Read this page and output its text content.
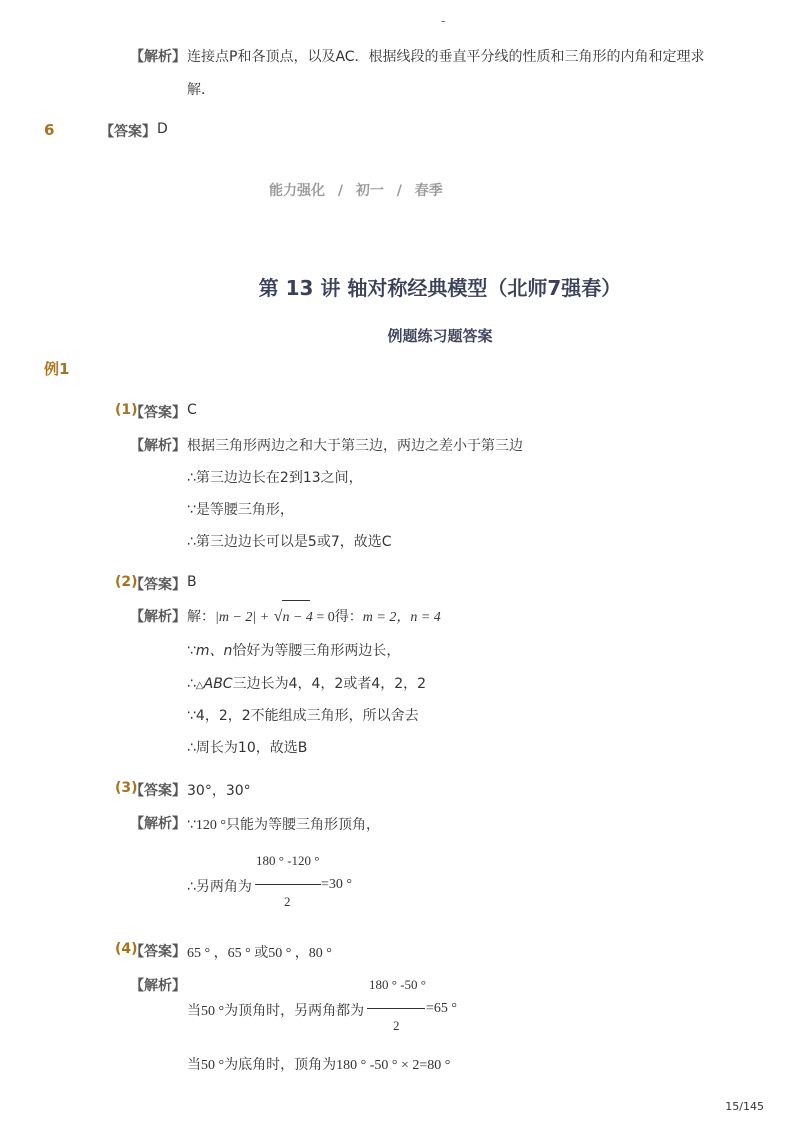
-
【解析】 连接点P和各顶点，以及AC．根据线段的垂直平分线的性质和三角形的内角和定理求
解．
6	【答案】 D
能力强化 / 初一 / 春季
第 13 讲 轴对称经典模型（北师7强春）
例题练习题答案
例1
(1)
【答案】 C
【解析】 根据三角形两边之和大于第三边，两边之差小于第三边
∴第三边边长在2到13之间，
∵是等腰三角形，
∴第三边边长可以是5或7，故选C
(2)
【答案】 B
【解析】 解：|m − 2| + √n − 4 = 0得：m = 2，n = 4
∵m、n恰好为等腰三角形两边长，
∴△ABC三边长为4，4，2或者4，2，2
∵4，2，2不能组成三角形，所以舍去
∴周长为10，故选B
(3)
【答案】 30°，30°
【解析】 ∵120 °只能为等腰三角形顶角，
180 ° -120 °
∴另两角为	=30 °
2
(4)
【答案】 65 ° ，65 ° 或50 ° ，80 °
【解析】	180 ° -50 °
当50 °为顶角时，另两角都为	=65 °
2
当50 °为底角时，顶角为180 ° -50 ° × 2=80 °
15/145
